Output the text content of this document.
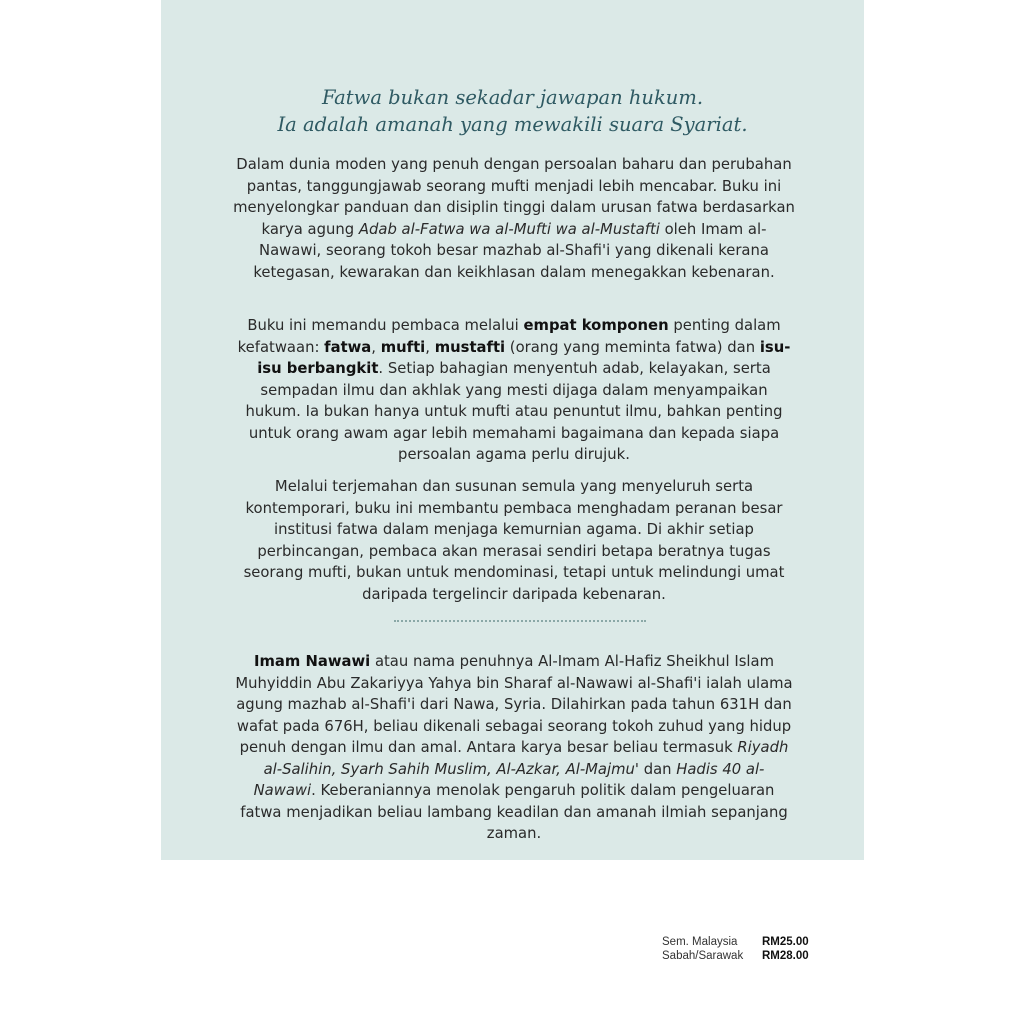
Fatwa bukan sekadar jawapan hukum.
Ia adalah amanah yang mewakili suara Syariat.
Dalam dunia moden yang penuh dengan persoalan baharu dan perubahan pantas, tanggungjawab seorang mufti menjadi lebih mencabar. Buku ini menyelongkar panduan dan disiplin tinggi dalam urusan fatwa berdasarkan karya agung Adab al-Fatwa wa al-Mufti wa al-Mustafti oleh Imam al-Nawawi, seorang tokoh besar mazhab al-Shafi'i yang dikenali kerana ketegasan, kewarakan dan keikhlasan dalam menegakkan kebenaran.
Buku ini memandu pembaca melalui empat komponen penting dalam kefatwaan: fatwa, mufti, mustafti (orang yang meminta fatwa) dan isu-isu berbangkit. Setiap bahagian menyentuh adab, kelayakan, serta sempadan ilmu dan akhlak yang mesti dijaga dalam menyampaikan hukum. Ia bukan hanya untuk mufti atau penuntut ilmu, bahkan penting untuk orang awam agar lebih memahami bagaimana dan kepada siapa persoalan agama perlu dirujuk.
Melalui terjemahan dan susunan semula yang menyeluruh serta kontemporari, buku ini membantu pembaca menghadam peranan besar institusi fatwa dalam menjaga kemurnian agama. Di akhir setiap perbincangan, pembaca akan merasai sendiri betapa beratnya tugas seorang mufti, bukan untuk mendominasi, tetapi untuk melindungi umat daripada tergelincir daripada kebenaran.
Imam Nawawi atau nama penuhnya Al-Imam Al-Hafiz Sheikhul Islam Muhyiddin Abu Zakariyya Yahya bin Sharaf al-Nawawi al-Shafi'i ialah ulama agung mazhab al-Shafi'i dari Nawa, Syria. Dilahirkan pada tahun 631H dan wafat pada 676H, beliau dikenali sebagai seorang tokoh zuhud yang hidup penuh dengan ilmu dan amal. Antara karya besar beliau termasuk Riyadh al-Salihin, Syarh Sahih Muslim, Al-Azkar, Al-Majmu' dan Hadis 40 al-Nawawi. Keberaniannya menolak pengaruh politik dalam pengeluaran fatwa menjadikan beliau lambang keadilan dan amanah ilmiah sepanjang zaman.
Sem. Malaysia	RM25.00
Sabah/Sarawak	RM28.00
